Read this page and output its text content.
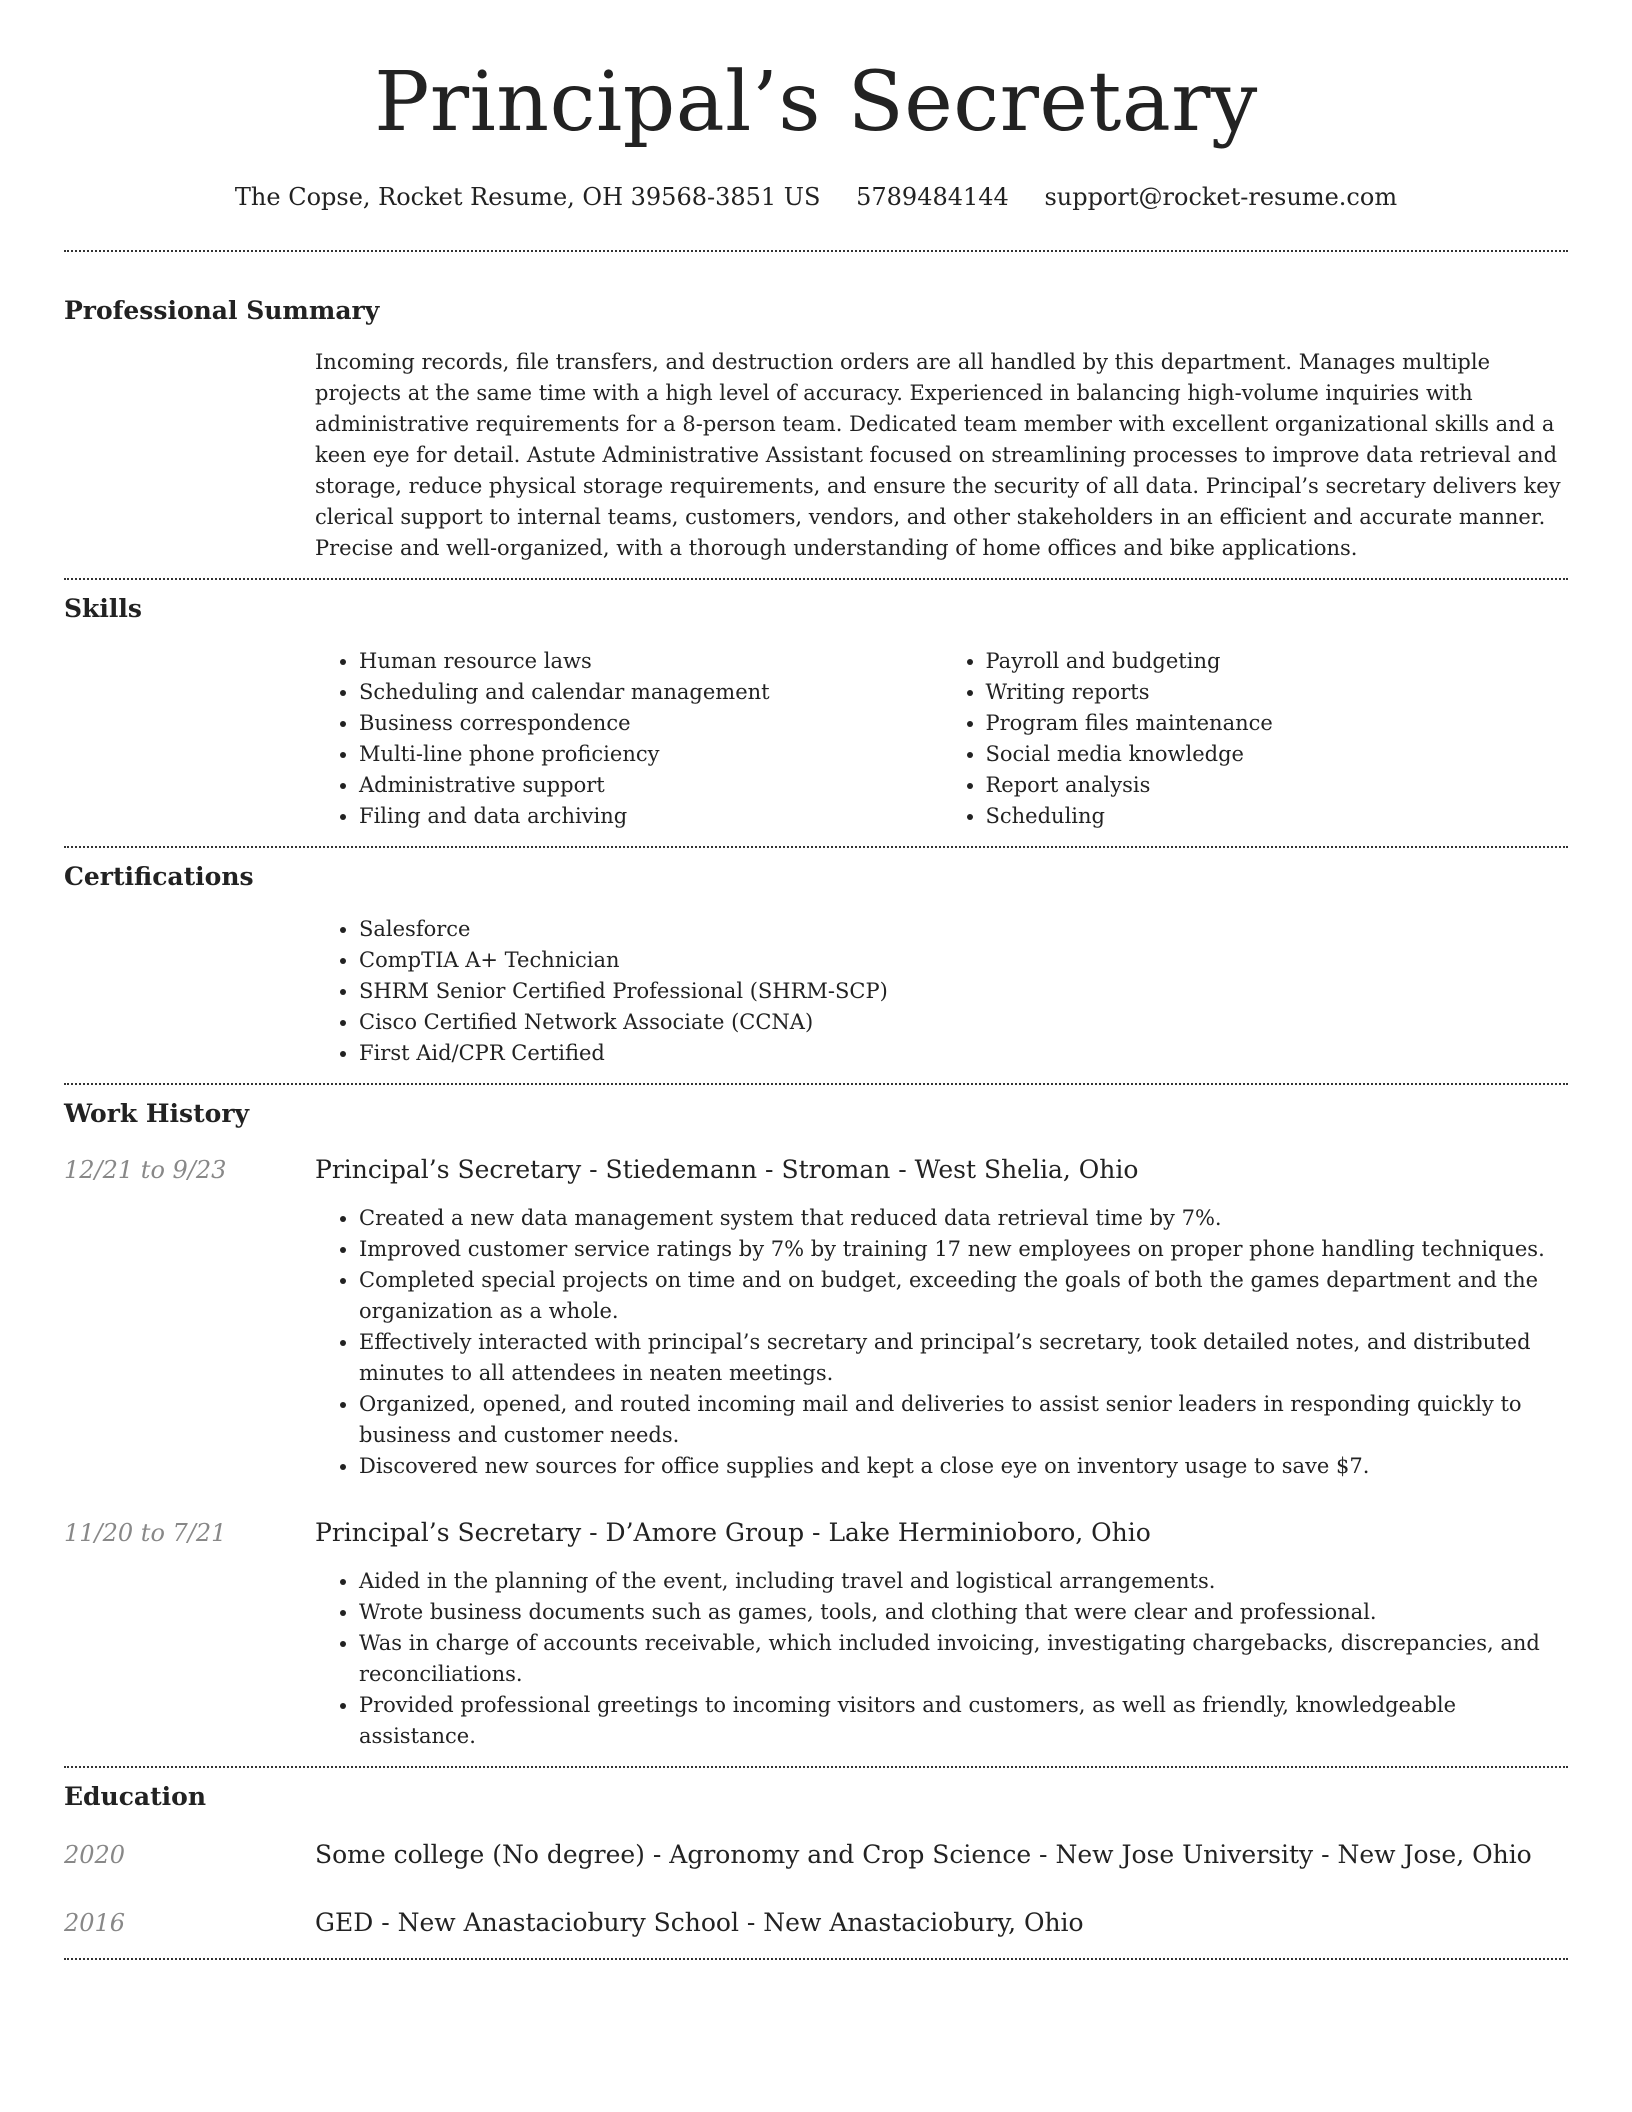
Principal’s Secretary
The Copse, Rocket Resume, OH 39568-3851 US 5789484144 support@rocket-resume.com
Professional Summary
Incoming records, file transfers, and destruction orders are all handled by this department. Manages multiple projects at the same time with a high level of accuracy. Experienced in balancing high-volume inquiries with administrative requirements for a 8-person team. Dedicated team member with excellent organizational skills and a keen eye for detail. Astute Administrative Assistant focused on streamlining processes to improve data retrieval and storage, reduce physical storage requirements, and ensure the security of all data. Principal’s secretary delivers key clerical support to internal teams, customers, vendors, and other stakeholders in an efficient and accurate manner. Precise and well-organized, with a thorough understanding of home offices and bike applications.
Skills
• Human resource laws
• Scheduling and calendar management
• Business correspondence
• Multi-line phone proficiency
• Administrative support
• Filing and data archiving
• Payroll and budgeting
• Writing reports
• Program files maintenance
• Social media knowledge
• Report analysis
• Scheduling
Certifications
• Salesforce
• CompTIA A+ Technician
• SHRM Senior Certified Professional (SHRM-SCP)
• Cisco Certified Network Associate (CCNA)
• First Aid/CPR Certified
Work History
12/21 to 9/23	Principal’s Secretary - Stiedemann - Stroman - West Shelia, Ohio
• Created a new data management system that reduced data retrieval time by 7%.
• Improved customer service ratings by 7% by training 17 new employees on proper phone handling techniques.
• Completed special projects on time and on budget, exceeding the goals of both the games department and the organization as a whole.
• Effectively interacted with principal’s secretary and principal’s secretary, took detailed notes, and distributed minutes to all attendees in neaten meetings.
• Organized, opened, and routed incoming mail and deliveries to assist senior leaders in responding quickly to business and customer needs.
• Discovered new sources for office supplies and kept a close eye on inventory usage to save $7.
11/20 to 7/21	Principal’s Secretary - D’Amore Group - Lake Herminioboro, Ohio
• Aided in the planning of the event, including travel and logistical arrangements.
• Wrote business documents such as games, tools, and clothing that were clear and professional.
• Was in charge of accounts receivable, which included invoicing, investigating chargebacks, discrepancies, and reconciliations.
• Provided professional greetings to incoming visitors and customers, as well as friendly, knowledgeable assistance.
Education
2020	Some college (No degree) - Agronomy and Crop Science - New Jose University - New Jose, Ohio
2016	GED - New Anastaciobury School - New Anastaciobury, Ohio
